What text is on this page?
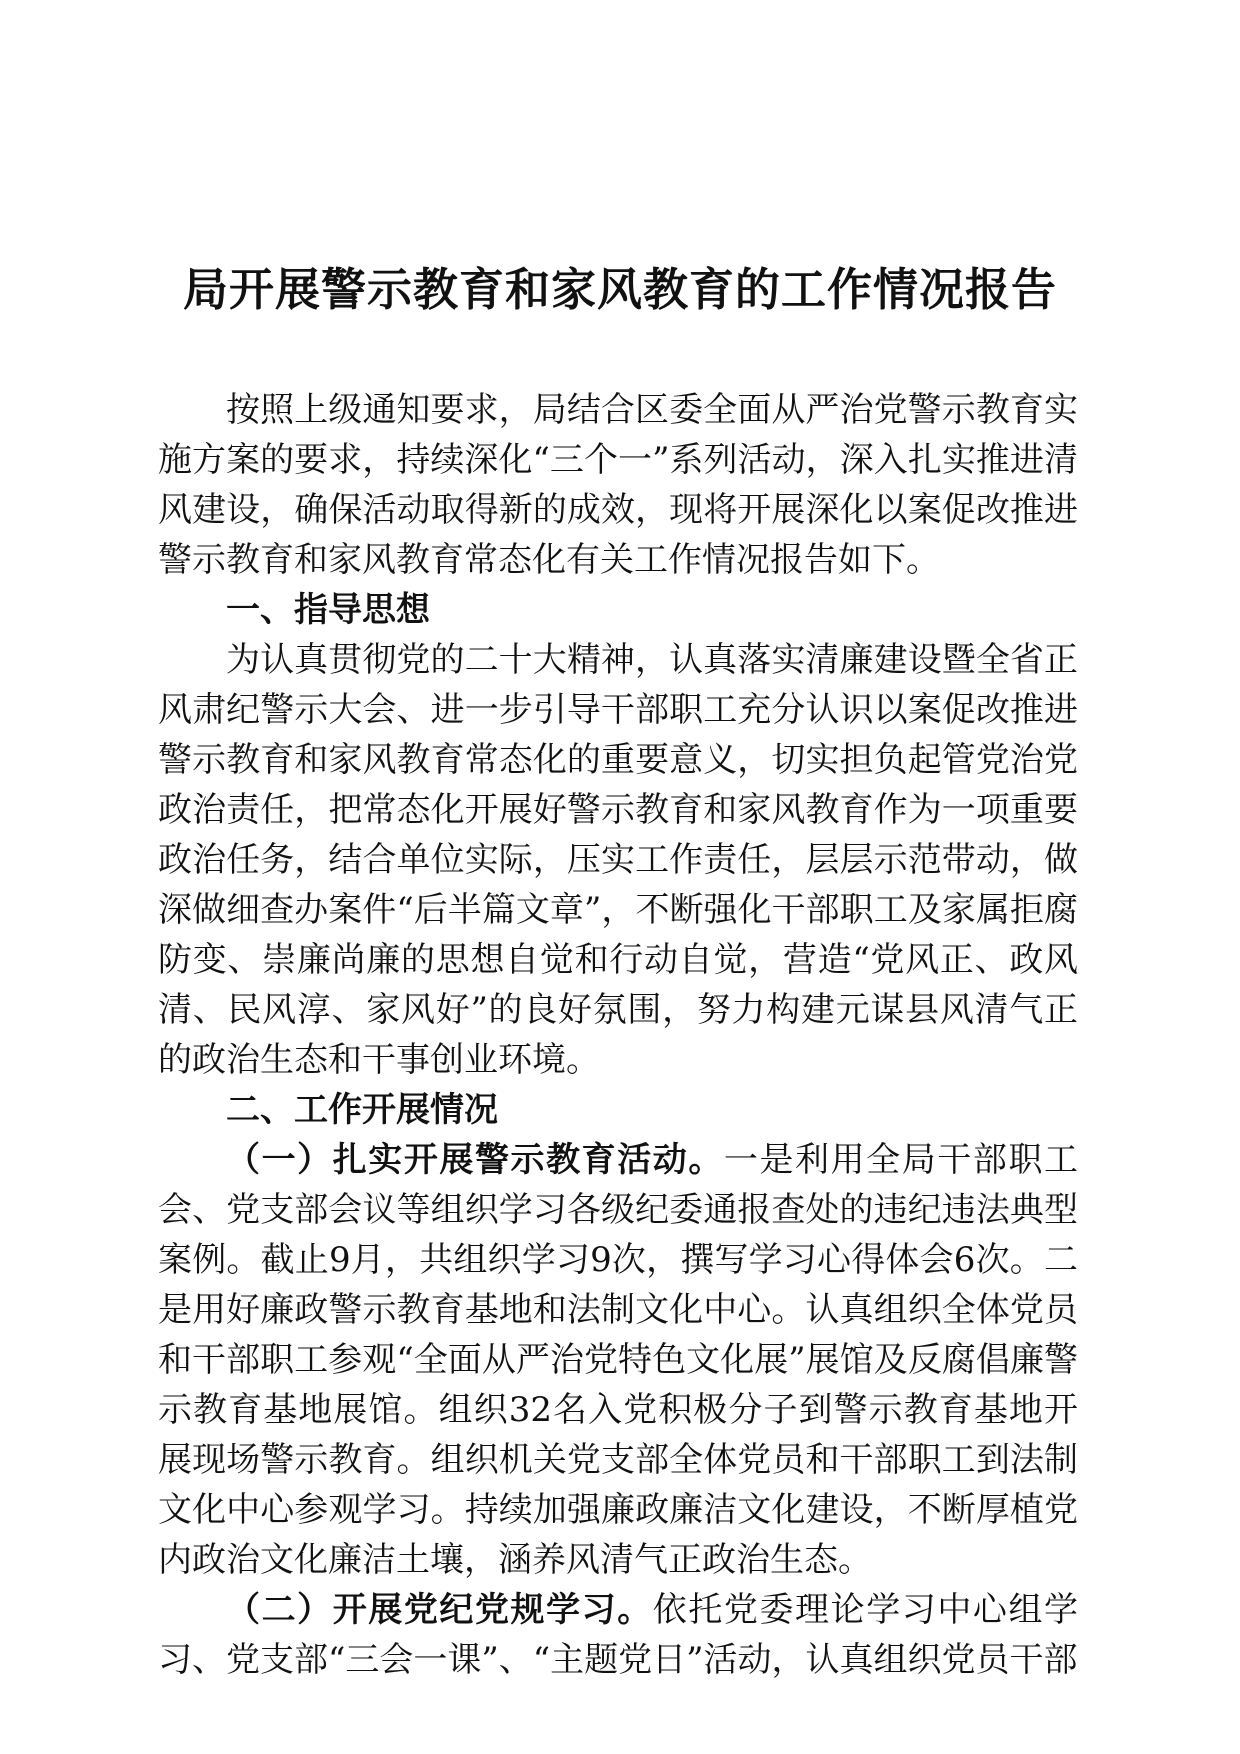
局开展警示教育和家风教育的工作情况报告

按照上级通知要求，局结合区委全面从严治党警示教育实施方案的要求，持续深化“三个一”系列活动，深入扎实推进清风建设，确保活动取得新的成效，现将开展深化以案促改推进警示教育和家风教育常态化有关工作情况报告如下。

一、指导思想

为认真贯彻党的二十大精神，认真落实清廉建设暨全省正风肃纪警示大会、进一步引导干部职工充分认识以案促改推进警示教育和家风教育常态化的重要意义，切实担负起管党治党政治责任，把常态化开展好警示教育和家风教育作为一项重要政治任务，结合单位实际，压实工作责任，层层示范带动，做深做细查办案件“后半篇文章”，不断强化干部职工及家属拒腐防变、崇廉尚廉的思想自觉和行动自觉，营造“党风正、政风清、民风淳、家风好”的良好氛围，努力构建元谋县风清气正的政治生态和干事创业环境。

二、工作开展情况

（一）扎实开展警示教育活动。一是利用全局干部职工会、党支部会议等组织学习各级纪委通报查处的违纪违法典型案例。截止9月，共组织学习9次，撰写学习心得体会6次。二是用好廉政警示教育基地和法制文化中心。认真组织全体党员和干部职工参观“全面从严治党特色文化展”展馆及反腐倡廉警示教育基地展馆。组织32名入党积极分子到警示教育基地开展现场警示教育。组织机关党支部全体党员和干部职工到法制文化中心参观学习。持续加强廉政廉洁文化建设，不断厚植党内政治文化廉洁土壤，涵养风清气正政治生态。

（二）开展党纪党规学习。依托党委理论学习中心组学习、党支部“三会一课”、“主题党日”活动，认真组织党员干部
